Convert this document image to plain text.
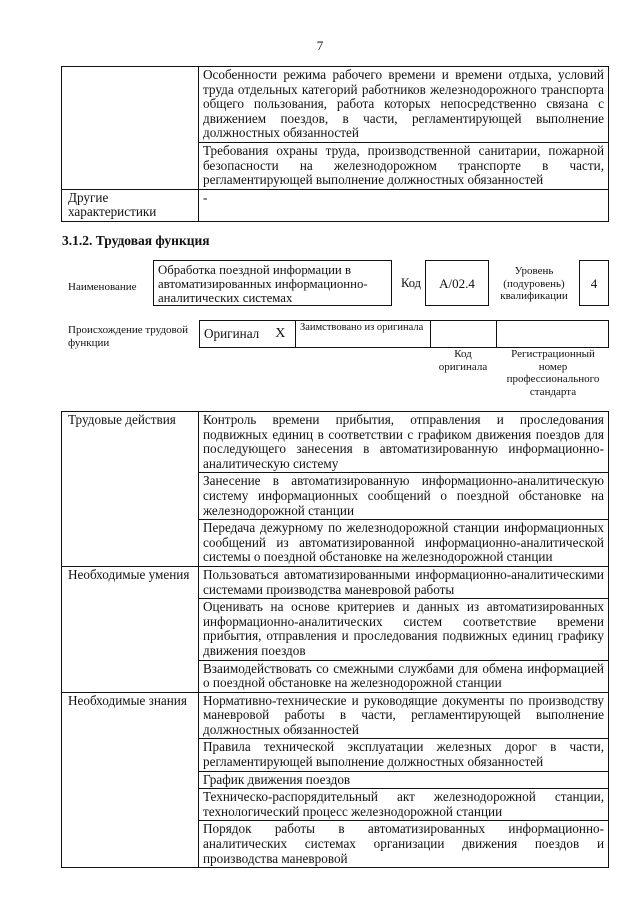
7
	Особенности режима рабочего времени и времени отдыха, условий труда отдельных категорий работников железнодорожного транспорта общего пользования, работа которых непосредственно связана с движением поездов, в части, регламентирующей выполнение должностных обязанностей
	Требования охраны труда, производственной санитарии, пожарной безопасности на железнодорожном транспорте в части, регламентирующей выполнение должностных обязанностей
Другие характеристики	-
3.1.2. Трудовая функция
Наименование
Обработка поездной информации в автоматизированных информационно-аналитических системах
Код	A/02.4
Уровень (подуровень) квалификации
4
Происхождение трудовой функции
Оригинал	X	Заимствовано из оригинала		
Код оригинала
Регистрационный номер профессионального стандарта
Трудовые действия	Контроль времени прибытия, отправления и проследования подвижных единиц в соответствии с графиком движения поездов для последующего занесения в автоматизированную информационно-аналитическую систему
	Занесение в автоматизированную информационно-аналитическую систему информационных сообщений о поездной обстановке на железнодорожной станции
	Передача дежурному по железнодорожной станции информационных сообщений из автоматизированной информационно-аналитической системы о поездной обстановке на железнодорожной станции
Необходимые умения	Пользоваться автоматизированными информационно-аналитическими системами производства маневровой работы
	Оценивать на основе критериев и данных из автоматизированных информационно-аналитических систем соответствие времени прибытия, отправления и проследования подвижных единиц графику движения поездов
	Взаимодействовать со смежными службами для обмена информацией о поездной обстановке на железнодорожной станции
Необходимые знания	Нормативно-технические и руководящие документы по производству маневровой работы в части, регламентирующей выполнение должностных обязанностей
	Правила технической эксплуатации железных дорог в части, регламентирующей выполнение должностных обязанностей
	График движения поездов
	Техническо-распорядительный акт железнодорожной станции, технологический процесс железнодорожной станции
	Порядок работы в автоматизированных информационно-аналитических системах организации движения поездов и производства маневровой
